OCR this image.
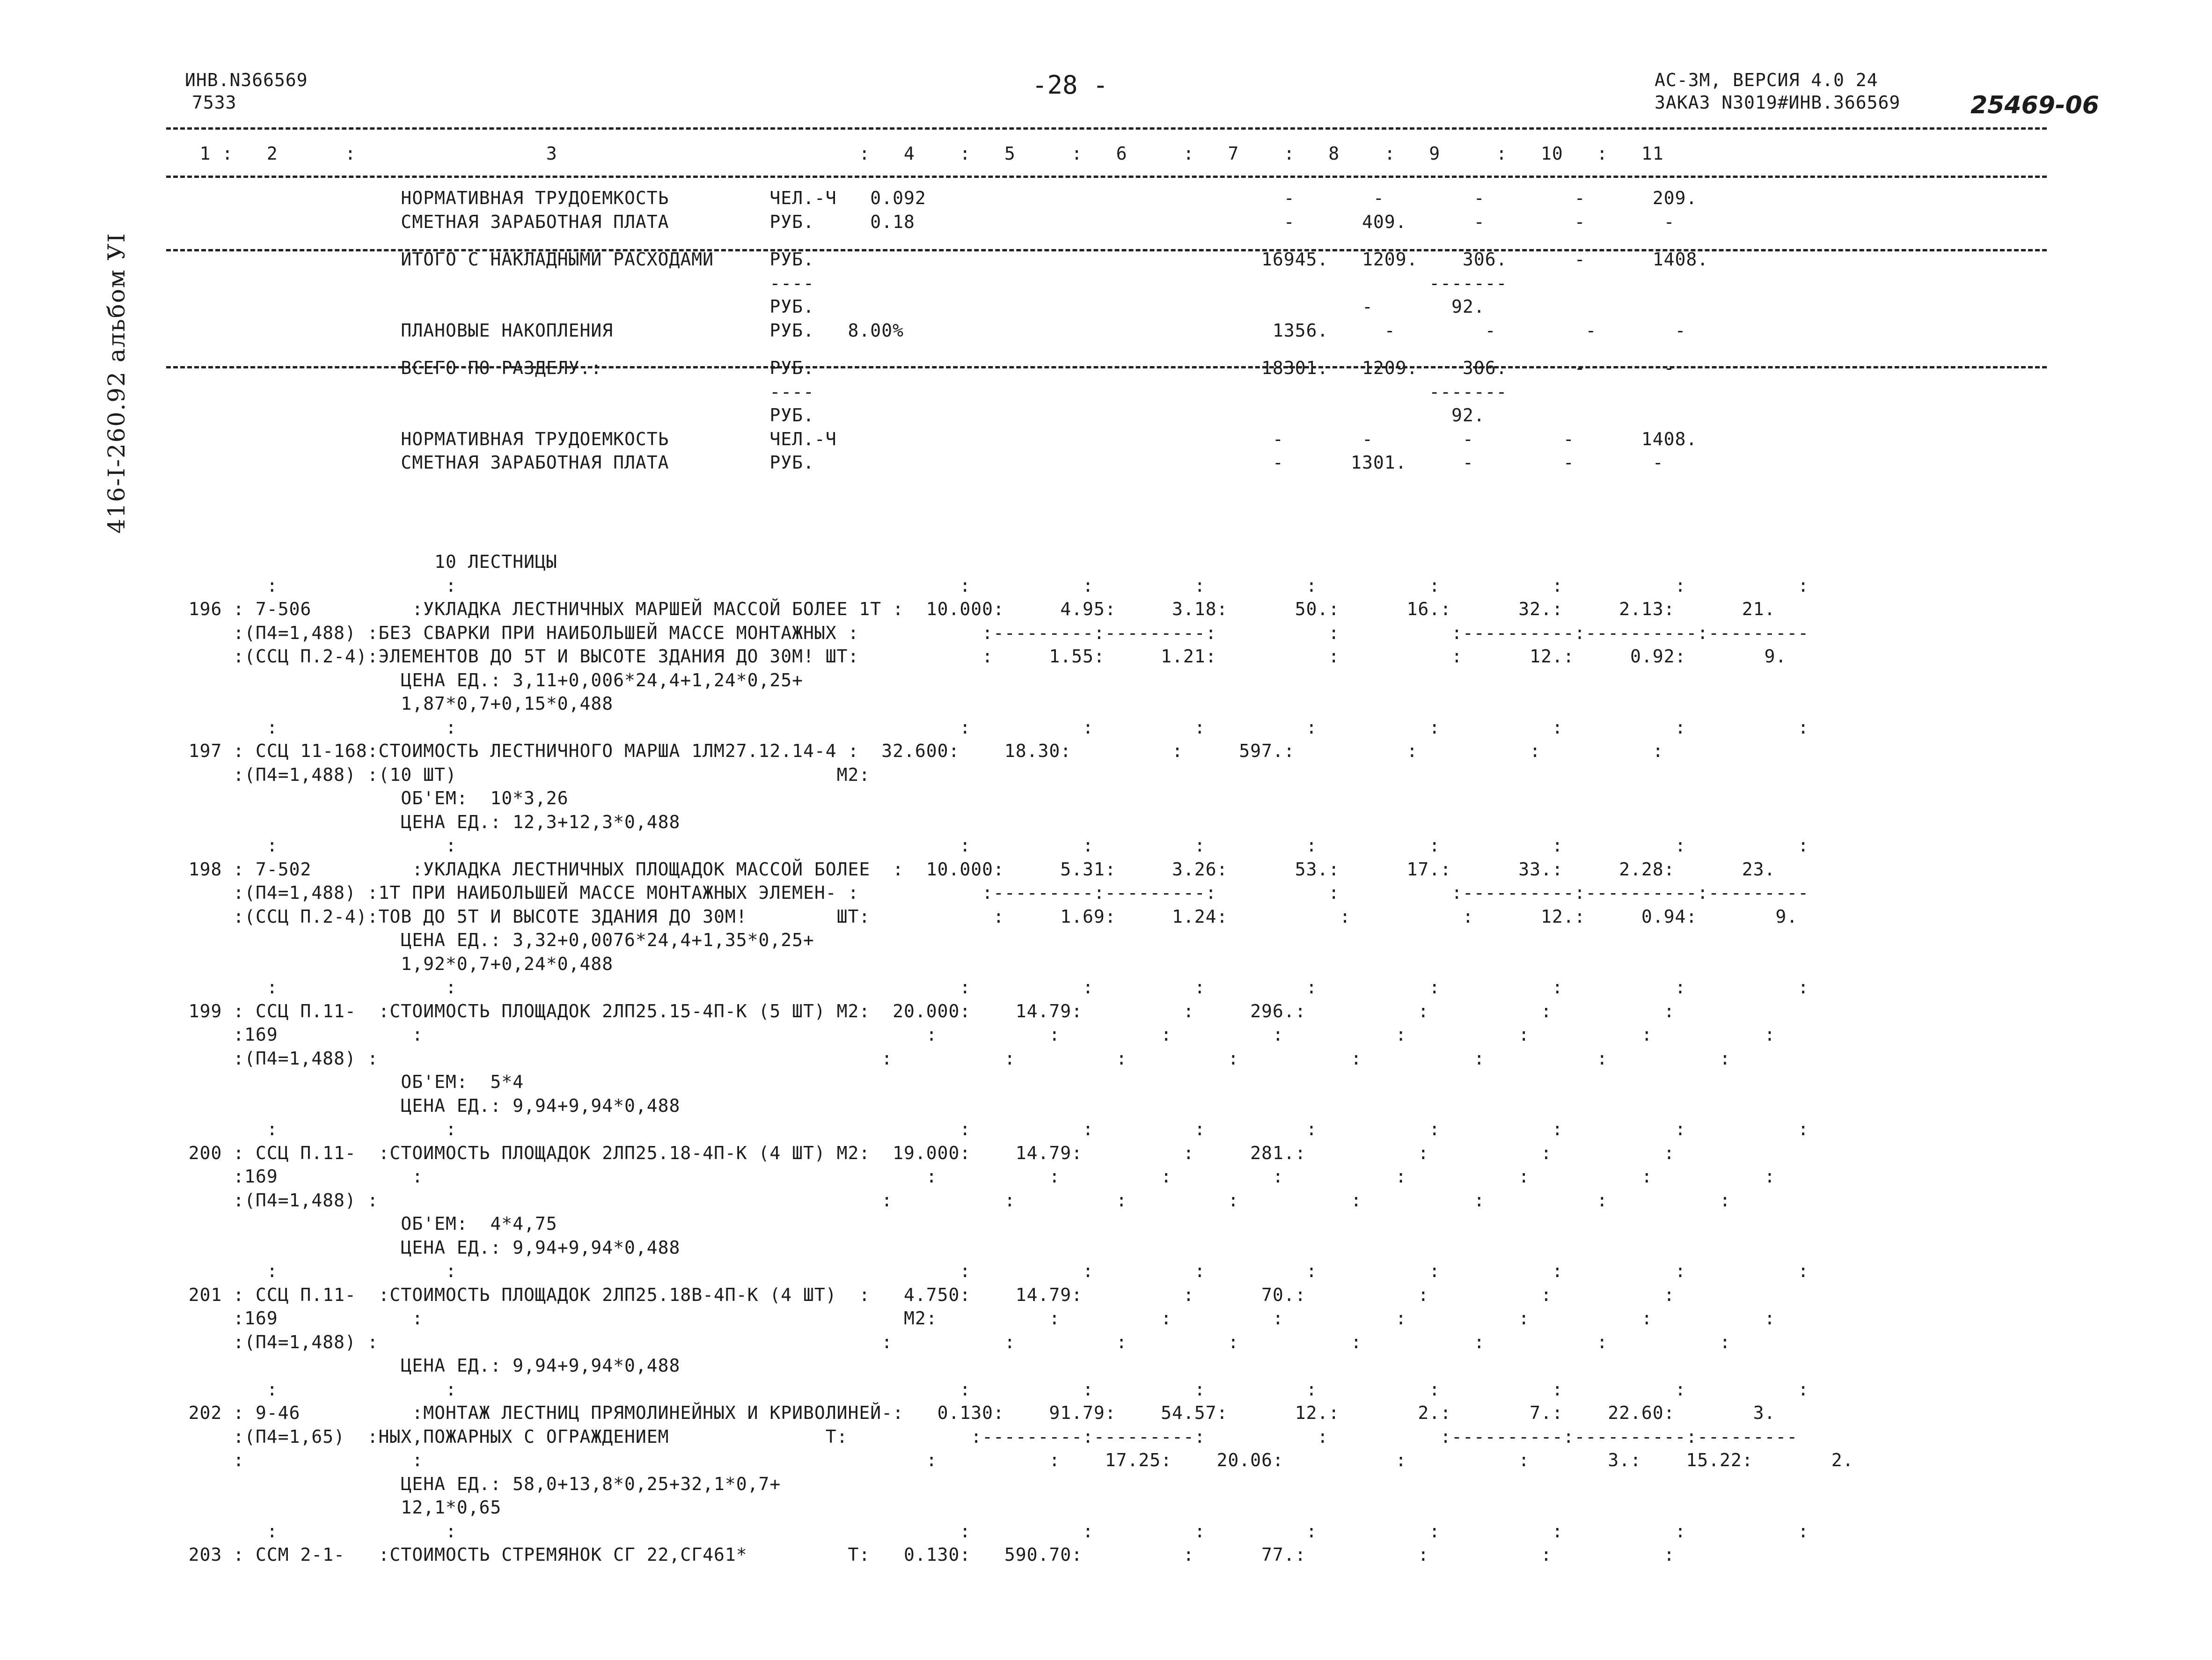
ИНВ.N366569
7533
-28 -	АС-3М, ВЕРСИЯ 4.0 24
ЗАКАЗ N3019#ИНВ.366569	25469-06
416-I-260.92 альбом УI
1 :   2      :                 3                           :   4    :   5     :   6     :   7    :   8    :   9     :   10   :   11
НОРМАТИВНАЯ ТРУДОЕМКОСТЬ         ЧЕЛ.-Ч   0.092                                -       -        -        -      209.
СМЕТНАЯ ЗАРАБОТНАЯ ПЛАТА         РУБ.     0.18                                 -      409.      -        -       -
ИТОГО С НАКЛАДНЫМИ РАСХОДАМИ     РУБ.                                        16945.   1209.    306.      -      1408.
----                                                       -------
РУБ.                                                 -       92.
ПЛАНОВЫЕ НАКОПЛЕНИЯ              РУБ.   8.00%                                 1356.     -        -        -       -
ВСЕГО ПО РАЗДЕЛУ.:               РУБ.                                        18301.   1209.    306.      -       -
----                                                       -------
РУБ.                                                         92.
НОРМАТИВНАЯ ТРУДОЕМКОСТЬ         ЧЕЛ.-Ч                                       -       -        -        -      1408.
СМЕТНАЯ ЗАРАБОТНАЯ ПЛАТА         РУБ.                                         -      1301.     -        -       -
10 ЛЕСТНИЦЫ
:               :                                             :          :         :         :          :          :          :          :
196 : 7-506         :УКЛАДКА ЛЕСТНИЧНЫХ МАРШЕЙ МАССОЙ БОЛЕЕ 1Т :  10.000:     4.95:     3.18:      50.:      16.:      32.:     2.13:      21.
:(П4=1,488) :БЕЗ СВАРКИ ПРИ НАИБОЛЬШЕЙ МАССЕ МОНТАЖНЫХ :           :---------:---------:          :          :----------:----------:---------
:(ССЦ П.2-4):ЭЛЕМЕНТОВ ДО 5Т И ВЫСОТЕ ЗДАНИЯ ДО 30М! ШТ:           :     1.55:     1.21:          :          :      12.:     0.92:       9.
ЦЕНА ЕД.: 3,11+0,006*24,4+1,24*0,25+
1,87*0,7+0,15*0,488
:               :                                             :          :         :         :          :          :          :          :
197 : ССЦ 11-168:СТОИМОСТЬ ЛЕСТНИЧНОГО МАРША 1ЛМ27.12.14-4 :  32.600:    18.30:         :     597.:          :          :          :
:(П4=1,488) :(10 ШТ)                                  М2:
ОБ'ЕМ:  10*3,26
ЦЕНА ЕД.: 12,3+12,3*0,488
:               :                                             :          :         :         :          :          :          :          :
198 : 7-502         :УКЛАДКА ЛЕСТНИЧНЫХ ПЛОЩАДОК МАССОЙ БОЛЕЕ  :  10.000:     5.31:     3.26:      53.:      17.:      33.:     2.28:      23.
:(П4=1,488) :1Т ПРИ НАИБОЛЬШЕЙ МАССЕ МОНТАЖНЫХ ЭЛЕМЕН- :           :---------:---------:          :          :----------:----------:---------
:(ССЦ П.2-4):ТОВ ДО 5Т И ВЫСОТЕ ЗДАНИЯ ДО 30М!        ШТ:           :     1.69:     1.24:          :          :      12.:     0.94:       9.
ЦЕНА ЕД.: 3,32+0,0076*24,4+1,35*0,25+
1,92*0,7+0,24*0,488
:               :                                             :          :         :         :          :          :          :          :
199 : ССЦ П.11-  :СТОИМОСТЬ ПЛОЩАДОК 2ЛП25.15-4П-К (5 ШТ) М2:  20.000:    14.79:         :     296.:          :          :          :
:169            :                                             :          :         :         :          :          :          :          :
:(П4=1,488) :                                             :          :         :         :          :          :          :          :
ОБ'ЕМ:  5*4
ЦЕНА ЕД.: 9,94+9,94*0,488
:               :                                             :          :         :         :          :          :          :          :
200 : ССЦ П.11-  :СТОИМОСТЬ ПЛОЩАДОК 2ЛП25.18-4П-К (4 ШТ) М2:  19.000:    14.79:         :     281.:          :          :          :
:169            :                                             :          :         :         :          :          :          :          :
:(П4=1,488) :                                             :          :         :         :          :          :          :          :
ОБ'ЕМ:  4*4,75
ЦЕНА ЕД.: 9,94+9,94*0,488
:               :                                             :          :         :         :          :          :          :          :
201 : ССЦ П.11-  :СТОИМОСТЬ ПЛОЩАДОК 2ЛП25.18В-4П-К (4 ШТ)  :   4.750:    14.79:         :      70.:          :          :          :
:169            :                                           М2:          :         :         :          :          :          :          :
:(П4=1,488) :                                             :          :         :         :          :          :          :          :
ЦЕНА ЕД.: 9,94+9,94*0,488
:               :                                             :          :         :         :          :          :          :          :
202 : 9-46          :МОНТАЖ ЛЕСТНИЦ ПРЯМОЛИНЕЙНЫХ И КРИВОЛИНЕЙ-:   0.130:    91.79:    54.57:      12.:       2.:       7.:    22.60:       3.
:(П4=1,65)  :НЫХ,ПОЖАРНЫХ С ОГРАЖДЕНИЕМ              Т:           :---------:---------:          :          :----------:----------:---------
:               :                                             :          :    17.25:    20.06:          :          :       3.:    15.22:       2.
ЦЕНА ЕД.: 58,0+13,8*0,25+32,1*0,7+
12,1*0,65
:               :                                             :          :         :         :          :          :          :          :
203 : ССМ 2-1-   :СТОИМОСТЬ СТРЕМЯНОК СГ 22,СГ461*         Т:   0.130:   590.70:         :      77.:          :          :          :
